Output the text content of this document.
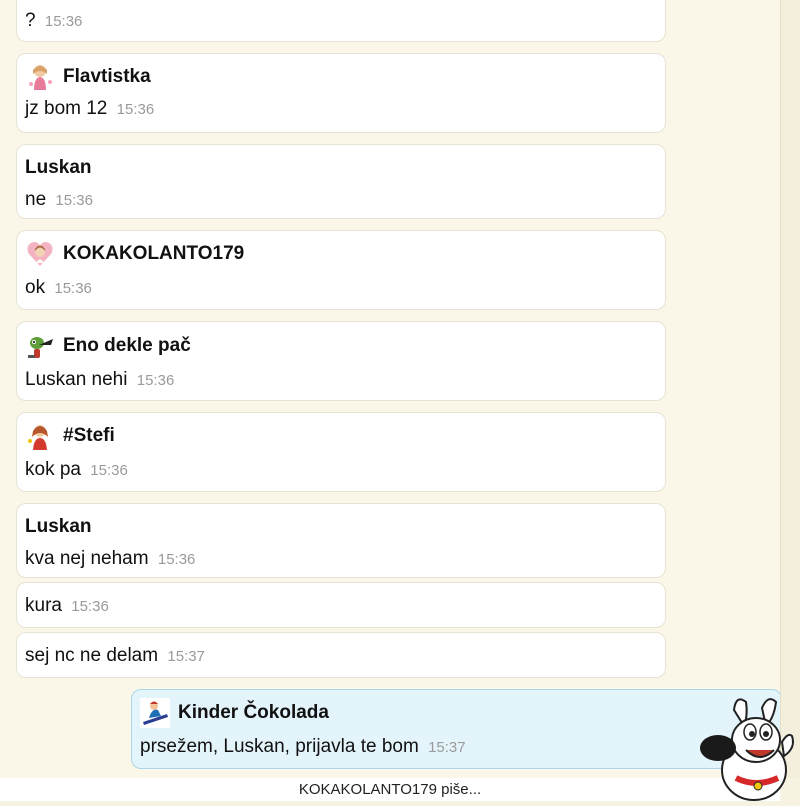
? 15:36
Flavtistka
jz bom 12 15:36
Luskan
ne 15:36
KOKAKOLANTO179
ok 15:36
Eno dekle pač
Luskan nehi 15:36
#Stefi
kok pa 15:36
Luskan
kva nej neham 15:36
kura 15:36
sej nc ne delam 15:37
Kinder Čokolada
prsežem, Luskan, prijavla te bom 15:37
KOKAKOLANTO179 piše...
